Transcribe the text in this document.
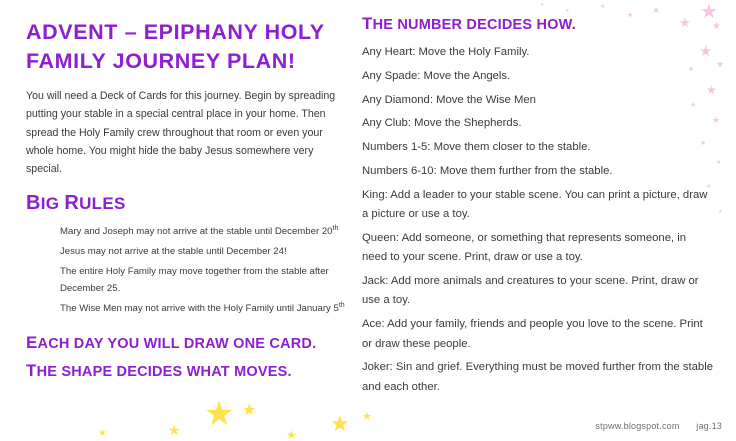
★
★ ★
★
★
★
★
★
★
★
★
★
★
★
★
★
★
★
ADVENT – EPIPHANY HOLY
FAMILY JOURNEY PLAN!

You will need a Deck of Cards for this journey. Begin by spreading putting your stable in a special central place in your home. Then spread the Holy Family crew throughout that room or even your whole home. You might hide the baby Jesus somewhere very special.

BIG RULES
Mary and Joseph may not arrive at the stable until December 20th
Jesus may not arrive at the stable until December 24!
The entire Holy Family may move together from the stable after December 25.
The Wise Men may not arrive with the Holy Family until January 5th

EACH DAY YOU WILL DRAW ONE CARD.

THE SHAPE DECIDES WHAT MOVES.

THE NUMBER DECIDES HOW.
Any Heart: Move the Holy Family.
Any Spade: Move the Angels.
Any Diamond: Move the Wise Men
Any Club: Move the Shepherds.
Numbers 1-5: Move them closer to the stable.
Numbers 6-10: Move them further from the stable.
King: Add a leader to your stable scene. You can print a picture, draw a picture or use a toy.
Queen: Add someone, or something that represents someone, in need to your scene. Print, draw or use a toy.
Jack: Add more animals and creatures to your scene. Print, draw or use a toy.
Ace: Add your family, friends and people you love to the scene. Print or draw these people.
Joker: Sin and grief. Everything must be moved further from the stable and each other.
★ ★
★	★ ★
★	★
stpww.blogspot.com jag.13
